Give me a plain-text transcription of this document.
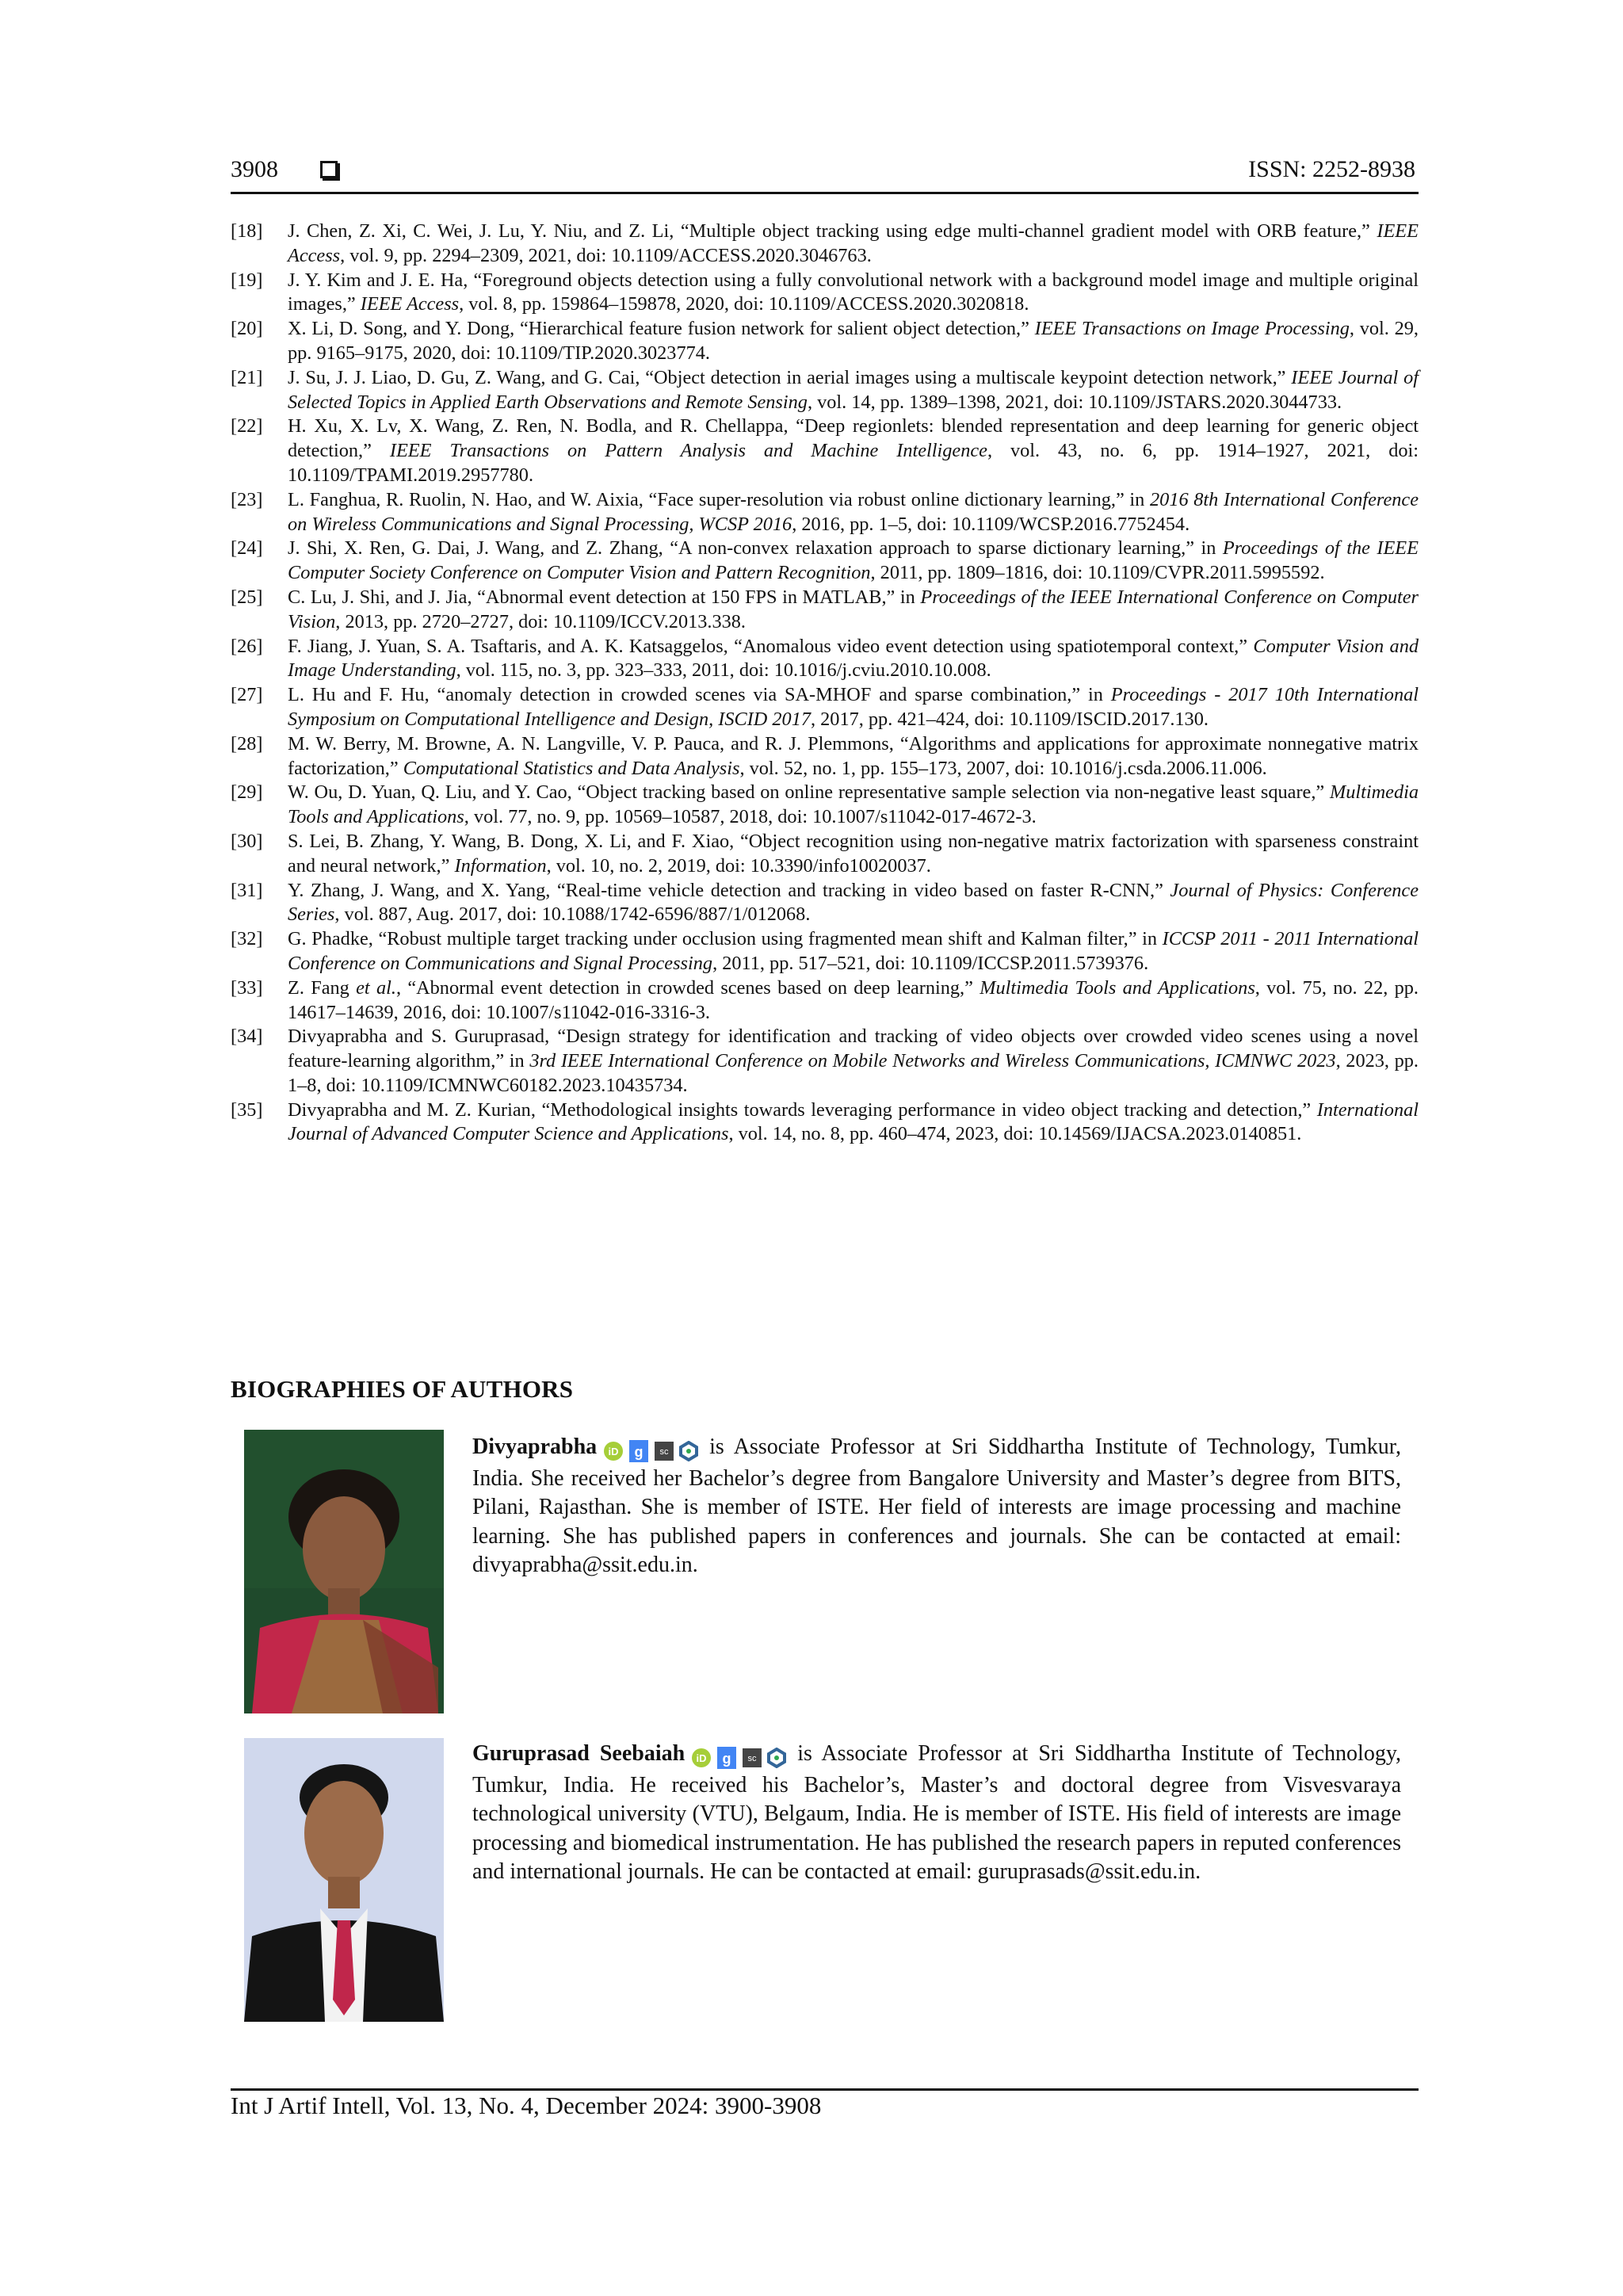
3908	ISSN: 2252-8938

[18] J. Chen, Z. Xi, C. Wei, J. Lu, Y. Niu, and Z. Li, “Multiple object tracking using edge multi-channel gradient model with ORB feature,” IEEE Access, vol. 9, pp. 2294–2309, 2021, doi: 10.1109/ACCESS.2020.3046763.

[19] J. Y. Kim and J. E. Ha, “Foreground objects detection using a fully convolutional network with a background model image and multiple original images,” IEEE Access, vol. 8, pp. 159864–159878, 2020, doi: 10.1109/ACCESS.2020.3020818.

[20] X. Li, D. Song, and Y. Dong, “Hierarchical feature fusion network for salient object detection,” IEEE Transactions on Image Processing, vol. 29, pp. 9165–9175, 2020, doi: 10.1109/TIP.2020.3023774.

[21] J. Su, J. J. Liao, D. Gu, Z. Wang, and G. Cai, “Object detection in aerial images using a multiscale keypoint detection network,” IEEE Journal of Selected Topics in Applied Earth Observations and Remote Sensing, vol. 14, pp. 1389–1398, 2021, doi: 10.1109/JSTARS.2020.3044733.

[22] H. Xu, X. Lv, X. Wang, Z. Ren, N. Bodla, and R. Chellappa, “Deep regionlets: blended representation and deep learning for generic object detection,” IEEE Transactions on Pattern Analysis and Machine Intelligence, vol. 43, no. 6, pp. 1914–1927, 2021, doi: 10.1109/TPAMI.2019.2957780.

[23] L. Fanghua, R. Ruolin, N. Hao, and W. Aixia, “Face super-resolution via robust online dictionary learning,” in 2016 8th International Conference on Wireless Communications and Signal Processing, WCSP 2016, 2016, pp. 1–5, doi: 10.1109/WCSP.2016.7752454.

[24] J. Shi, X. Ren, G. Dai, J. Wang, and Z. Zhang, “A non-convex relaxation approach to sparse dictionary learning,” in Proceedings of the IEEE Computer Society Conference on Computer Vision and Pattern Recognition, 2011, pp. 1809–1816, doi: 10.1109/CVPR.2011.5995592.

[25] C. Lu, J. Shi, and J. Jia, “Abnormal event detection at 150 FPS in MATLAB,” in Proceedings of the IEEE International Conference on Computer Vision, 2013, pp. 2720–2727, doi: 10.1109/ICCV.2013.338.

[26] F. Jiang, J. Yuan, S. A. Tsaftaris, and A. K. Katsaggelos, “Anomalous video event detection using spatiotemporal context,” Computer Vision and Image Understanding, vol. 115, no. 3, pp. 323–333, 2011, doi: 10.1016/j.cviu.2010.10.008.

[27] L. Hu and F. Hu, “anomaly detection in crowded scenes via SA-MHOF and sparse combination,” in Proceedings - 2017 10th International Symposium on Computational Intelligence and Design, ISCID 2017, 2017, pp. 421–424, doi: 10.1109/ISCID.2017.130.

[28] M. W. Berry, M. Browne, A. N. Langville, V. P. Pauca, and R. J. Plemmons, “Algorithms and applications for approximate nonnegative matrix factorization,” Computational Statistics and Data Analysis, vol. 52, no. 1, pp. 155–173, 2007, doi: 10.1016/j.csda.2006.11.006.

[29] W. Ou, D. Yuan, Q. Liu, and Y. Cao, “Object tracking based on online representative sample selection via non-negative least square,” Multimedia Tools and Applications, vol. 77, no. 9, pp. 10569–10587, 2018, doi: 10.1007/s11042-017-4672-3.

[30] S. Lei, B. Zhang, Y. Wang, B. Dong, X. Li, and F. Xiao, “Object recognition using non-negative matrix factorization with sparseness constraint and neural network,” Information, vol. 10, no. 2, 2019, doi: 10.3390/info10020037.

[31] Y. Zhang, J. Wang, and X. Yang, “Real-time vehicle detection and tracking in video based on faster R-CNN,” Journal of Physics: Conference Series, vol. 887, Aug. 2017, doi: 10.1088/1742-6596/887/1/012068.

[32] G. Phadke, “Robust multiple target tracking under occlusion using fragmented mean shift and Kalman filter,” in ICCSP 2011 - 2011 International Conference on Communications and Signal Processing, 2011, pp. 517–521, doi: 10.1109/ICCSP.2011.5739376.

[33] Z. Fang et al., “Abnormal event detection in crowded scenes based on deep learning,” Multimedia Tools and Applications, vol. 75, no. 22, pp. 14617–14639, 2016, doi: 10.1007/s11042-016-3316-3.

[34] Divyaprabha and S. Guruprasad, “Design strategy for identification and tracking of video objects over crowded video scenes using a novel feature-learning algorithm,” in 3rd IEEE International Conference on Mobile Networks and Wireless Communications, ICMNWC 2023, 2023, pp. 1–8, doi: 10.1109/ICMNWC60182.2023.10435734.

[35] Divyaprabha and M. Z. Kurian, “Methodological insights towards leveraging performance in video object tracking and detection,” International Journal of Advanced Computer Science and Applications, vol. 14, no. 8, pp. 460–474, 2023, doi: 10.14569/IJACSA.2023.0140851.

BIOGRAPHIES OF AUTHORS
Divyaprabha iD g sc is Associate Professor at Sri Siddhartha Institute of Technology, Tumkur, India. She received her Bachelor’s degree from Bangalore University and Master’s degree from BITS, Pilani, Rajasthan. She is member of ISTE. Her field of interests are image processing and machine learning. She has published papers in conferences and journals. She can be contacted at email: divyaprabha@ssit.edu.in.
Guruprasad Seebaiah iD g sc is Associate Professor at Sri Siddhartha Institute of Technology, Tumkur, India. He received his Bachelor’s, Master’s and doctoral degree from Visvesvaraya technological university (VTU), Belgaum, India. He is member of ISTE. His field of interests are image processing and biomedical instrumentation. He has published the research papers in reputed conferences and international journals. He can be contacted at email: guruprasads@ssit.edu.in.
Int J Artif Intell, Vol. 13, No. 4, December 2024: 3900-3908
